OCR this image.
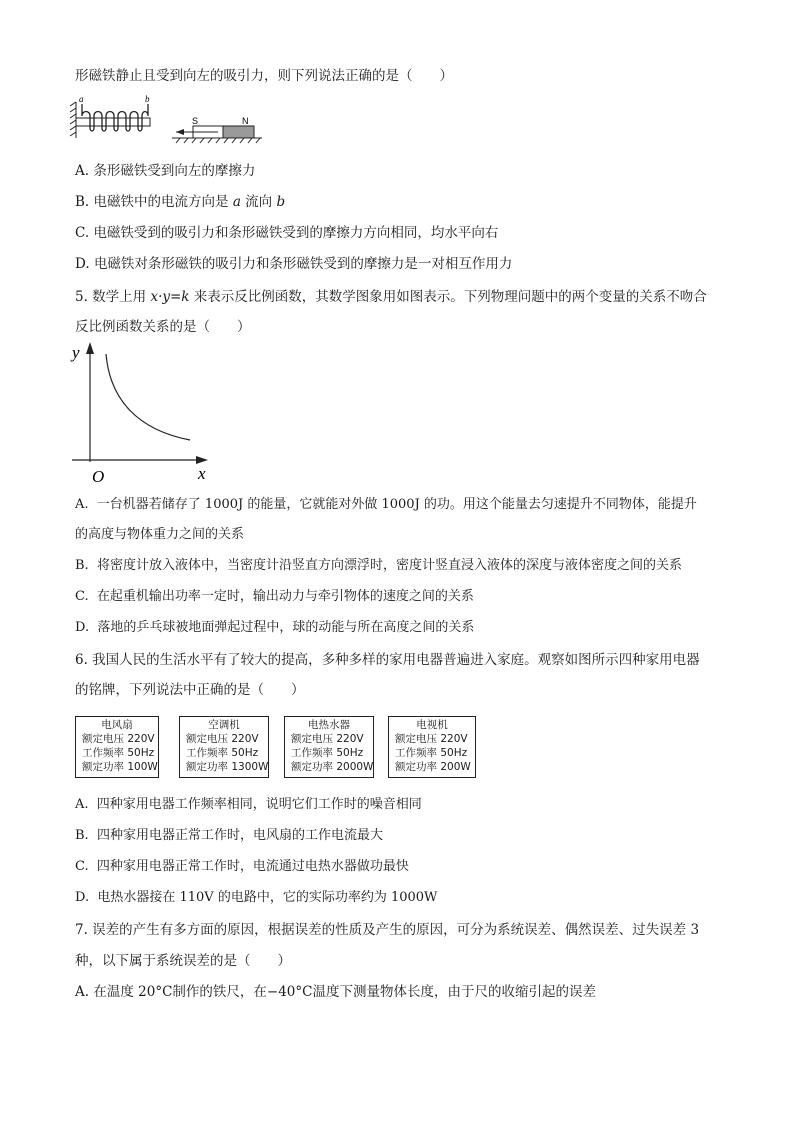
形磁铁静止且受到向左的吸引力，则下列说法正确的是（　　）
a	b
S	N
A. 条形磁铁受到向左的摩擦力
B. 电磁铁中的电流方向是 a 流向 b
C. 电磁铁受到的吸引力和条形磁铁受到的摩擦力方向相同，均水平向右
D. 电磁铁对条形磁铁的吸引力和条形磁铁受到的摩擦力是一对相互作用力
5. 数学上用 x·y=k 来表示反比例函数，其数学图象用如图表示。下列物理问题中的两个变量的关系不吻合
反比例函数关系的是（　　）
y
x
O
A. 一台机器若储存了 1000J 的能量，它就能对外做 1000J 的功。用这个能量去匀速提升不同物体，能提升
的高度与物体重力之间的关系
B. 将密度计放入液体中，当密度计沿竖直方向漂浮时，密度计竖直浸入液体的深度与液体密度之间的关系
C. 在起重机输出功率一定时，输出动力与牵引物体的速度之间的关系
D. 落地的乒乓球被地面弹起过程中，球的动能与所在高度之间的关系
6. 我国人民的生活水平有了较大的提高，多种多样的家用电器普遍进入家庭。观察如图所示四种家用电器
的铭牌，下列说法中正确的是（　　）
电风扇
额定电压 220V
工作频率 50Hz
额定功率 100W
空调机
额定电压 220V
工作频率 50Hz
额定功率 1300W
电热水器
额定电压 220V
工作频率 50Hz
额定功率 2000W
电视机
额定电压 220V
工作频率 50Hz
额定功率 200W
A. 四种家用电器工作频率相同，说明它们工作时的噪音相同
B. 四种家用电器正常工作时，电风扇的工作电流最大
C. 四种家用电器正常工作时，电流通过电热水器做功最快
D. 电热水器接在 110V 的电路中，它的实际功率约为 1000W
7. 误差的产生有多方面的原因，根据误差的性质及产生的原因，可分为系统误差、偶然误差、过失误差 3
种，以下属于系统误差的是（　　）
A. 在温度 20°C制作的铁尺，在−40°C温度下测量物体长度，由于尺的收缩引起的误差
